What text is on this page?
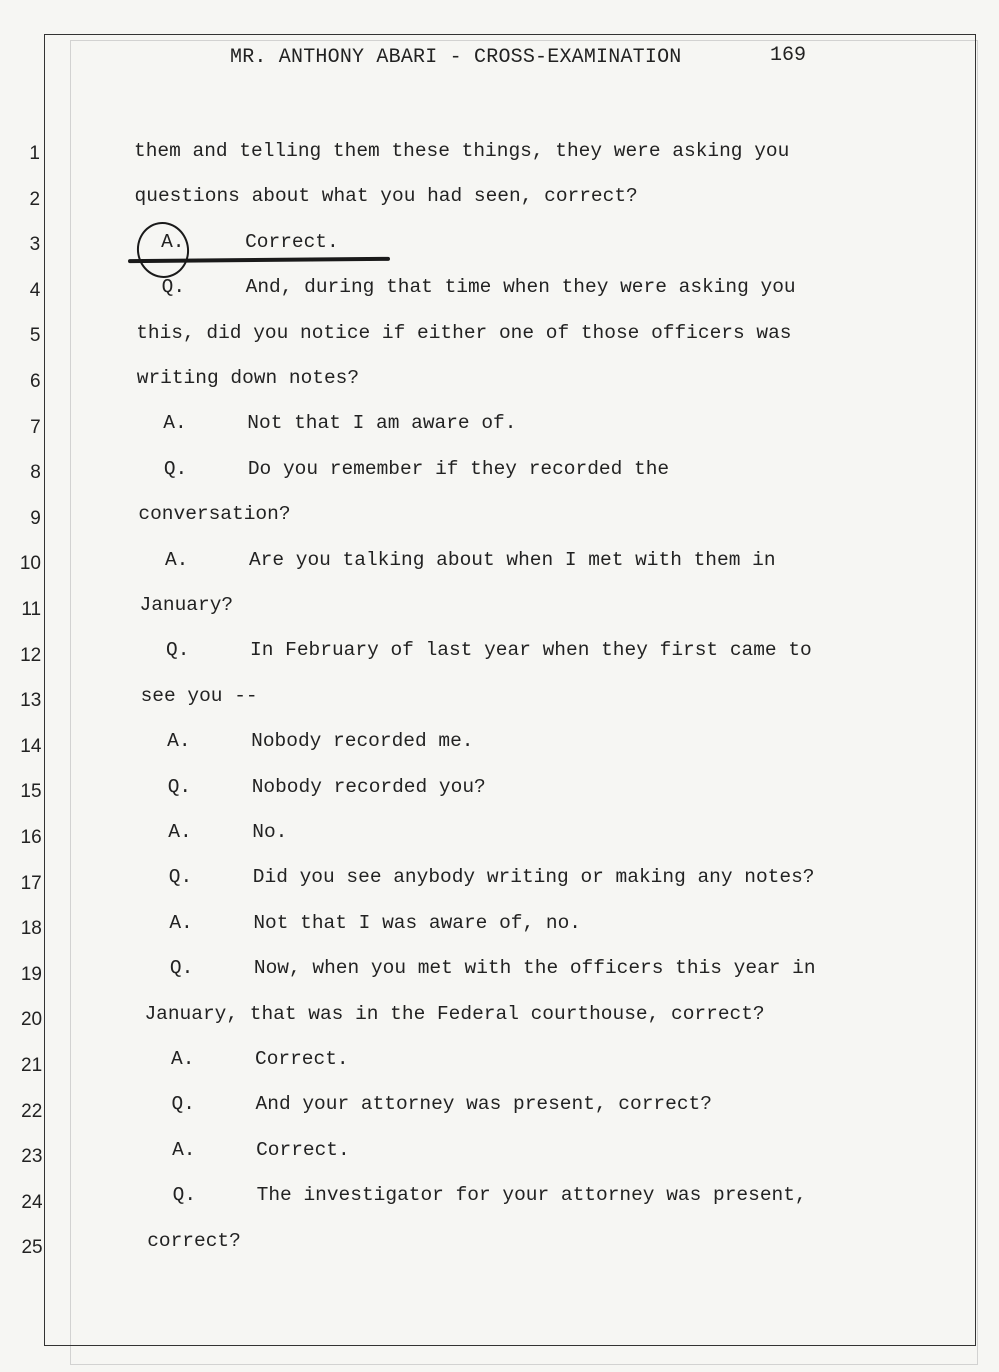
MR. ANTHONY ABARI - CROSS-EXAMINATION	169
1	them and telling them these things, they were asking you
2	questions about what you had seen, correct?
3	A.	Correct.
4	Q.	And, during that time when they were asking you
5	this, did you notice if either one of those officers was
6	writing down notes?
7	A.	Not that I am aware of.
8	Q.	Do you remember if they recorded the
9	conversation?
10	A.	Are you talking about when I met with them in
11	January?
12	Q.	In February of last year when they first came to
13	see you --
14	A.	Nobody recorded me.
15	Q.	Nobody recorded you?
16	A.	No.
17	Q.	Did you see anybody writing or making any notes?
18	A.	Not that I was aware of, no.
19	Q.	Now, when you met with the officers this year in
20	January, that was in the Federal courthouse, correct?
21	A.	Correct.
22	Q.	And your attorney was present, correct?
23	A.	Correct.
24	Q.	The investigator for your attorney was present,
25	correct?
